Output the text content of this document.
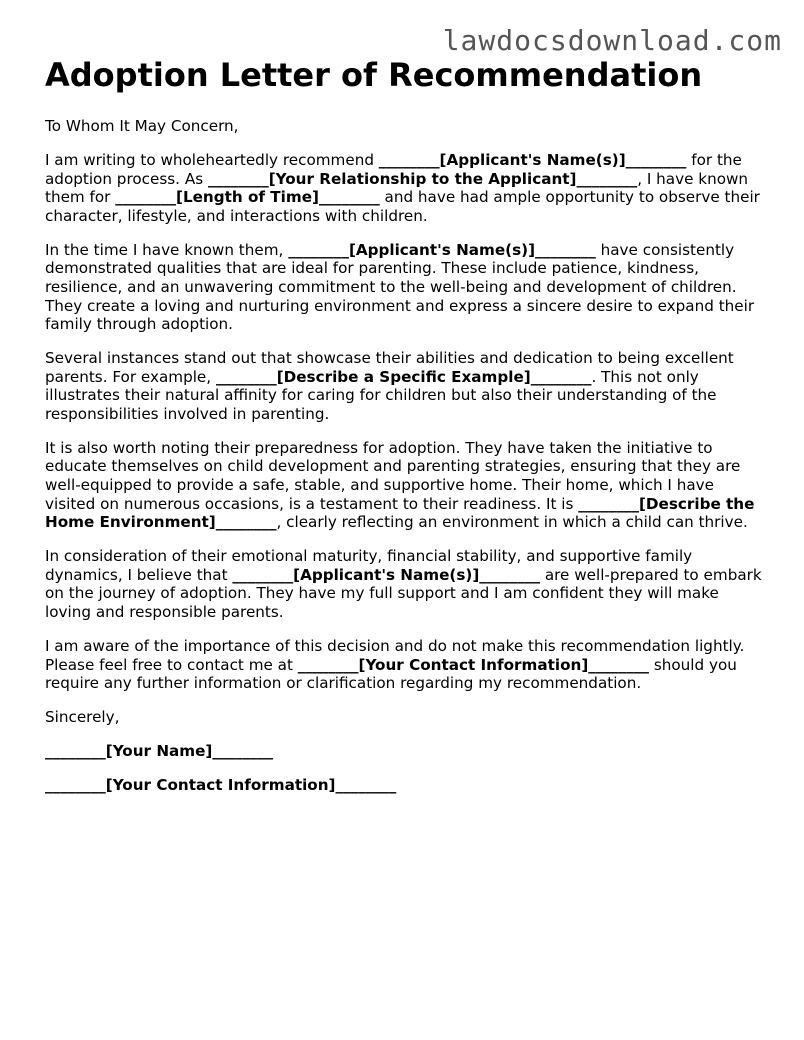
lawdocsdownload.com
Adoption Letter of Recommendation

To Whom It May Concern,

I am writing to wholeheartedly recommend ________[Applicant's Name(s)]________ for the adoption process. As ________[Your Relationship to the Applicant]________, I have known them for ________[Length of Time]________ and have had ample opportunity to observe their character, lifestyle, and interactions with children.

In the time I have known them, ________[Applicant's Name(s)]________ have consistently demonstrated qualities that are ideal for parenting. These include patience, kindness, resilience, and an unwavering commitment to the well-being and development of children. They create a loving and nurturing environment and express a sincere desire to expand their family through adoption.

Several instances stand out that showcase their abilities and dedication to being excellent parents. For example, ________[Describe a Specific Example]________. This not only illustrates their natural affinity for caring for children but also their understanding of the responsibilities involved in parenting.

It is also worth noting their preparedness for adoption. They have taken the initiative to educate themselves on child development and parenting strategies, ensuring that they are well-equipped to provide a safe, stable, and supportive home. Their home, which I have visited on numerous occasions, is a testament to their readiness. It is ________[Describe the Home Environment]________, clearly reflecting an environment in which a child can thrive.

In consideration of their emotional maturity, financial stability, and supportive family dynamics, I believe that ________[Applicant's Name(s)]________ are well-prepared to embark on the journey of adoption. They have my full support and I am confident they will make loving and responsible parents.

I am aware of the importance of this decision and do not make this recommendation lightly. Please feel free to contact me at ________[Your Contact Information]________ should you require any further information or clarification regarding my recommendation.

Sincerely,

________[Your Name]________

________[Your Contact Information]________
